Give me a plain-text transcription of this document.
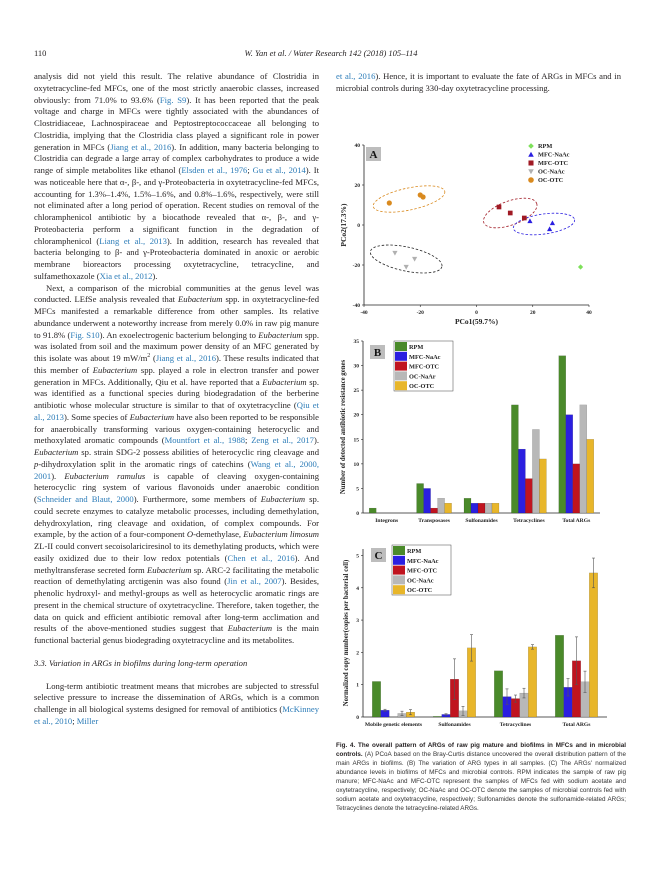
110	W. Yan et al. / Water Research 142 (2018) 105–114

analysis did not yield this result. The relative abundance of Clostridia in oxytetracycline-fed MFCs, one of the most strictly anaerobic classes, increased obviously: from 71.0% to 93.6% (Fig. S9). It has been reported that the peak voltage and charge in MFCs were tightly associated with the abundances of Clostridiaceae, Lachnospiraceae and Peptostreptococcaceae all belonging to Clostridia, implying that the Clostridia class played a significant role in power generation in MFCs (Jiang et al., 2016). In addition, many bacteria belonging to Clostridia can degrade a large array of complex carbohydrates to produce a wide range of simple metabolites like ethanol (Elsden et al., 1976; Gu et al., 2014). It was noticeable here that α-, β-, and γ-Proteobacteria in oxytetracycline-fed MFCs, accounting for 1.3%–1.4%, 1.5%–1.6%, and 0.8%–1.6%, respectively, were still not eliminated after a long period of operation. Recent studies on removal of the chloramphenicol antibiotic by a biocathode revealed that α-, β-, and γ-Proteobacteria perform a significant function in the degradation of chloramphenicol (Liang et al., 2013). In addition, research has revealed that bacteria belonging to β- and γ-Proteobacteria dominated in anoxic or aerobic membrane bioreactors processing oxytetracycline, tetracycline, and sulfamethoxazole (Xia et al., 2012).

Next, a comparison of the microbial communities at the genus level was conducted. LEfSe analysis revealed that Eubacterium spp. in oxytetracycline-fed MFCs manifested a remarkable difference from other samples. Its relative abundance underwent a noteworthy increase from merely 0.0% in raw pig manure to 91.8% (Fig. S10). An exoelectrogenic bacterium belonging to Eubacterium spp. was isolated from soil and the maximum power density of an MFC generated by this isolate was about 19 $mW/m^2$ (Jiang et al., 2016). These results indicated that this member of Eubacterium spp. played a role in electron transfer and power generation in MFCs. Additionally, Qiu et al. have reported that a Eubacterium sp. was identified as a functional species during biodegradation of the berberine antibiotic whose molecular structure is similar to that of oxytetracycline (Qiu et al., 2013). Some species of Eubacterium have also been reported to be responsible for anaerobically transforming various oxygen-containing heterocyclic and methoxylated aromatic compounds (Mountfort et al., 1988; Zeng et al., 2017). Eubacterium sp. strain SDG-2 possess abilities of heterocyclic ring cleavage and p-dihydroxylation split in the aromatic rings of catechins (Wang et al., 2000, 2001). Eubacterium ramulus is capable of cleaving oxygen-containing heterocyclic ring system of various flavonoids under anaerobic condition (Schneider and Blaut, 2000). Furthermore, some members of Eubacterium sp. could secrete enzymes to catalyze metabolic processes, including demethylation, dehydroxylation, ring cleavage and oxidation, of complex compounds. For example, by the action of a four-component O-demethylase, Eubacterium limosum ZL-II could convert secoisolariciresinol to its demethylating products, which were easily oxidized due to their low redox potentials (Chen et al., 2016). And methyltransferase secreted form Eubacterium sp. ARC-2 facilitating the metabolic reaction of demethylating arctigenin was also found (Jin et al., 2007). Besides, phenolic hydroxyl- and methyl-groups as well as heterocyclic aromatic rings are present in the chemical structure of oxytetracycline. Therefore, taken together, the data on quick and efficient antibiotic removal after long-term acclimation and results of the above-mentioned studies suggest that Eubacterium is the main functional bacterial genus biodegrading oxytetracycline and its metabolites.

3.3. Variation in ARGs in biofilms during long-term operation

Long-term antibiotic treatment means that microbes are subjected to stressful selective pressure to increase the dissemination of ARGs, which is a common challenge in all biological systems designed for removal of antibiotics (McKinney et al., 2010; Miller

et al., 2016). Hence, it is important to evaluate the fate of ARGs in MFCs and in microbial controls during 330-day oxytetracycline processing.

-40
-20
0
20
40
-40	-20	0	20	40
PCo1(59.7%)
PCo2(17.3%)
RPM
MFC-NaAc
MFC-OTC
OC-NaAc
OC-OTC
A
0
5
10
15
20
25
30
35
Integrons	Transposases	Sulfonamides	Tetracyclines	Total ARGs
Number of detected antibiotic resistance genes
RPM
MFC-NaAc
MFC-OTC
OC-NaAr
OC-OTC
B
0
1
2
3
4
5
Mobile genetic elements	Sulfonamides	Tetracyclines	Total ARGs
Normalized copy number(copies per bacterial cell)
RPM
MFC-NaAc
MFC-OTC
OC-NaAc
OC-OTC
C
Fig. 4. The overall pattern of ARGs of raw pig mature and biofilms in MFCs and in microbial controls. (A) PCoA based on the Bray-Curtis distance uncovered the overall distribution pattern of the main ARGs in biofilms. (B) The variation of ARG types in all samples. (C) The ARGs' normalized abundance levels in biofilms of MFCs and microbial controls. RPM indicates the sample of raw pig manure; MFC-NaAc and MFC-OTC represent the samples of MFCs fed with sodium acetate and oxytetracycline, respectively; OC-NaAc and OC-OTC denote the samples of microbial controls fed with sodium acetate and oxytetracycline, respectively; Sulfonamides denote the sulfonamide-related ARGs; Tetracyclines denote the tetracycline-related ARGs.
